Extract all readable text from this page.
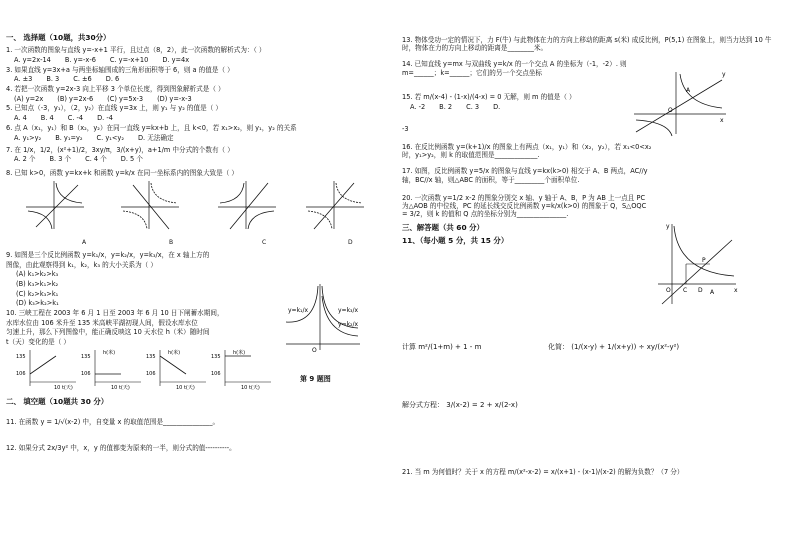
一、 选择题（10题，共30分）
1. 一次函数的图象与直线 y=-x+1 平行，且过点（8，2），此一次函数的解析式为：（ ）
A. y=2x-14 B. y=-x-6 C. y=-x+10 D. y=4x
3. 如果直线 y=3x+a 与两坐标轴围成的三角形面积等于 6，则 a 的值是（ ）
A. ±3 B. 3 C. ±6 D. 6
4. 若把一次函数 y=2x-3 向上平移 3 个单位长度，得到图象解析式是（ ）
(A) y=2x (B) y=2x-6 (C) y=5x-3 (D) y=-x-3
5. 已知点（-3，y₁），（2，y₂）在直线 y=3x 上，则 y₁ 与 y₂ 的值是（ ）
A. 4 B. 4 C. -4 D. -4
6. 点 A（x₁，y₁）和 B（x₂，y₂）在同一直线 y=kx+b 上，且 k<0，若 x₁>x₂，则 y₁，y₂ 的关系
A. y₁>y₂ B. y₁=y₂ C. y₁<y₂ D. 无法确定
7. 在 1/x，1/2，(x²+1)/2，3xy/π，3/(x+y)，a+1/m 中分式的个数有（ ）
A. 2 个 B. 3 个 C. 4 个 D. 5 个
8. 已知 k>0，函数 y=kx+k 和函数 y=k/x 在同一坐标系内的图象大致是（ ）
A	B	C	D
9. 如图是三个反比例函数 y=k₁/x，y=k₂/x，y=k₃/x，在 x 轴上方的
图像，由此观察得到 k₁，k₂，k₃ 的大小关系为（ ）
(A) k₁>k₂>k₃
(B) k₃>k₁>k₂
(C) k₂>k₃>k₁
(D) k₃>k₂>k₁
10. 三峡工程在 2003 年 6 月 1 日至 2003 年 6 月 10 日下闸蓄水期间，
水库水位由 106 米升至 135 米高峡平湖初现人间，假设水库水位
匀速上升，那么下列图像中，能正确反映这 10 天水位 h（米）随时间
t（天）变化的是（ ）
135
106
10 t(天)
135
106
h(米)
10 t(天)
135
106
h(米)
10 t(天)
135
106
h(米)
10 t(天)
二、 填空题（10题共 30 分）
11. 在函数 y = 1/√(x-2) 中，自变量 x 的取值范围是_______________。
12. 如果分式 2x/3y² 中，x，y 的值都变为原来的一半，则分式的值----------。
O
y=k₁/x	y=k₃/x
y=k₂/x
第 9 题图
13. 物体受功一定的情况下，力 F(牛) 与此物体在力的方向上移动的距离 s(米) 成反比例，P(5,1) 在图象上，则当力达到 10 牛时，物体在力的方向上移动的距离是________米。
14. 已知直线 y=mx 与双曲线 y=k/x 的一个交点 A 的坐标为（-1，-2）. 则 m=______；k=______；它们的另一个交点坐标
15. 若 m/(x-4) - (1-x)/(4-x) = 0 无解，则 m 的值是（ ）
A. -2 B. 2 C. 3 D.
-3
16. 在反比例函数 y=(k+1)/x 的图象上有两点（x₁，y₁）和（x₂，y₂），若 x₁<0<x₂ 时，y₁>y₂，则 k 的取值范围是_____________.
17. 如图，反比例函数 y=5/x 的图象与直线 y=kx(k>0) 相交于 A、B 两点，AC//y 轴，BC//x 轴，则△ABC 的面积，等于_________个面积单位.
20. 一次函数 y=1/2 x-2 的图象分别交 x 轴、y 轴于 A、B，P 为 AB 上一点且 PC 为△AOB 的中位线，PC 的延长线交反比例函数 y=k/x(k>0) 的图象于 Q，S△OQC = 3/2，则 k 的值和 Q 点的坐标分别为_______________.
三、解答题（共 60 分）
11、（每小题 5 分，共 15 分）
O
A
y
x
O C D A
P
y
x
计算 m²/(1+m) + 1 - m	化简： (1/(x-y) + 1/(x+y)) ÷ xy/(x²-y²)
解分式方程： 3/(x-2) = 2 + x/(2-x)
21. 当 m 为何值时？关于 x 的方程 m/(x²-x-2) = x/(x+1) - (x-1)/(x-2) 的解为负数？（7 分）
